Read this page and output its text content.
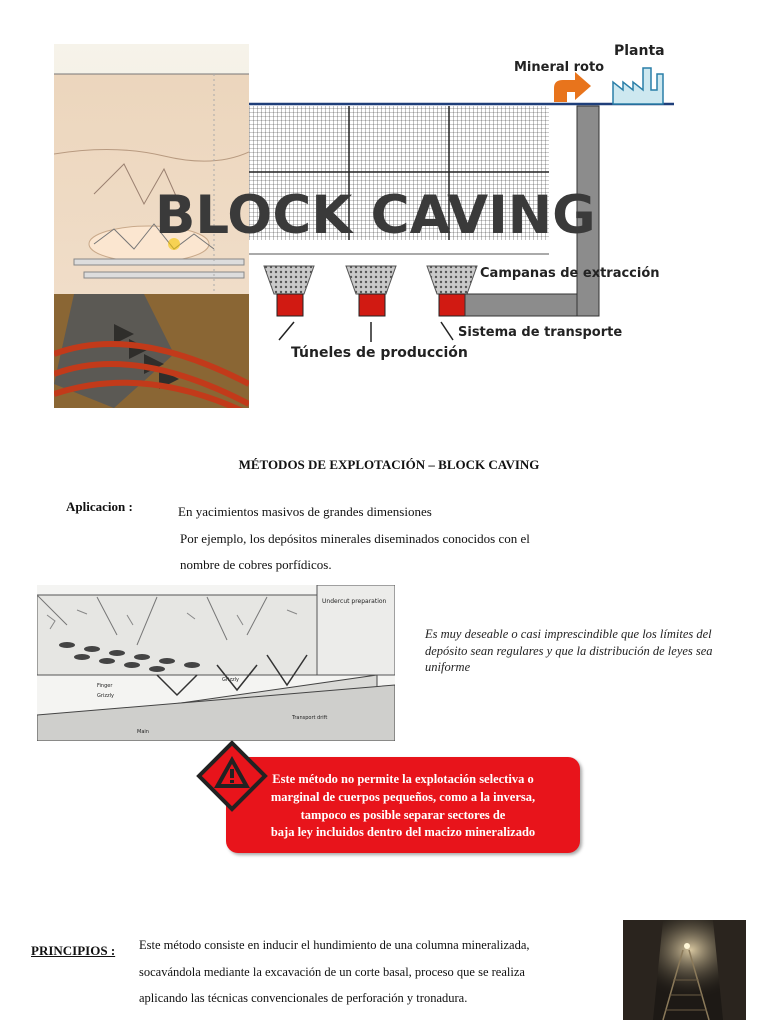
BLOCK CAVING
Mineral roto
Planta
Campanas de extracción
Sistema de transporte
Túneles de producción
MÉTODOS DE EXPLOTACIÓN – BLOCK CAVING
Aplicacion :	En yacimientos masivos de grandes dimensiones
Por ejemplo, los depósitos minerales diseminados conocidos con el
nombre de cobres porfídicos.
Undercut preparation
Finger
Grizzly
Grizzly
Transport drift
Main
Es muy deseable o casi imprescindible que los límites del depósito sean regulares y que la distribución de leyes sea uniforme
Este método no permite la explotación selectiva o
marginal de cuerpos pequeños, como a la inversa,
tampoco es posible separar sectores de
baja ley incluidos dentro del macizo mineralizado
PRINCIPIOS : Este método consiste en inducir el hundimiento de una columna mineralizada,
socavándola mediante la excavación de un corte basal, proceso que se realiza
aplicando las técnicas convencionales de perforación y tronadura.
